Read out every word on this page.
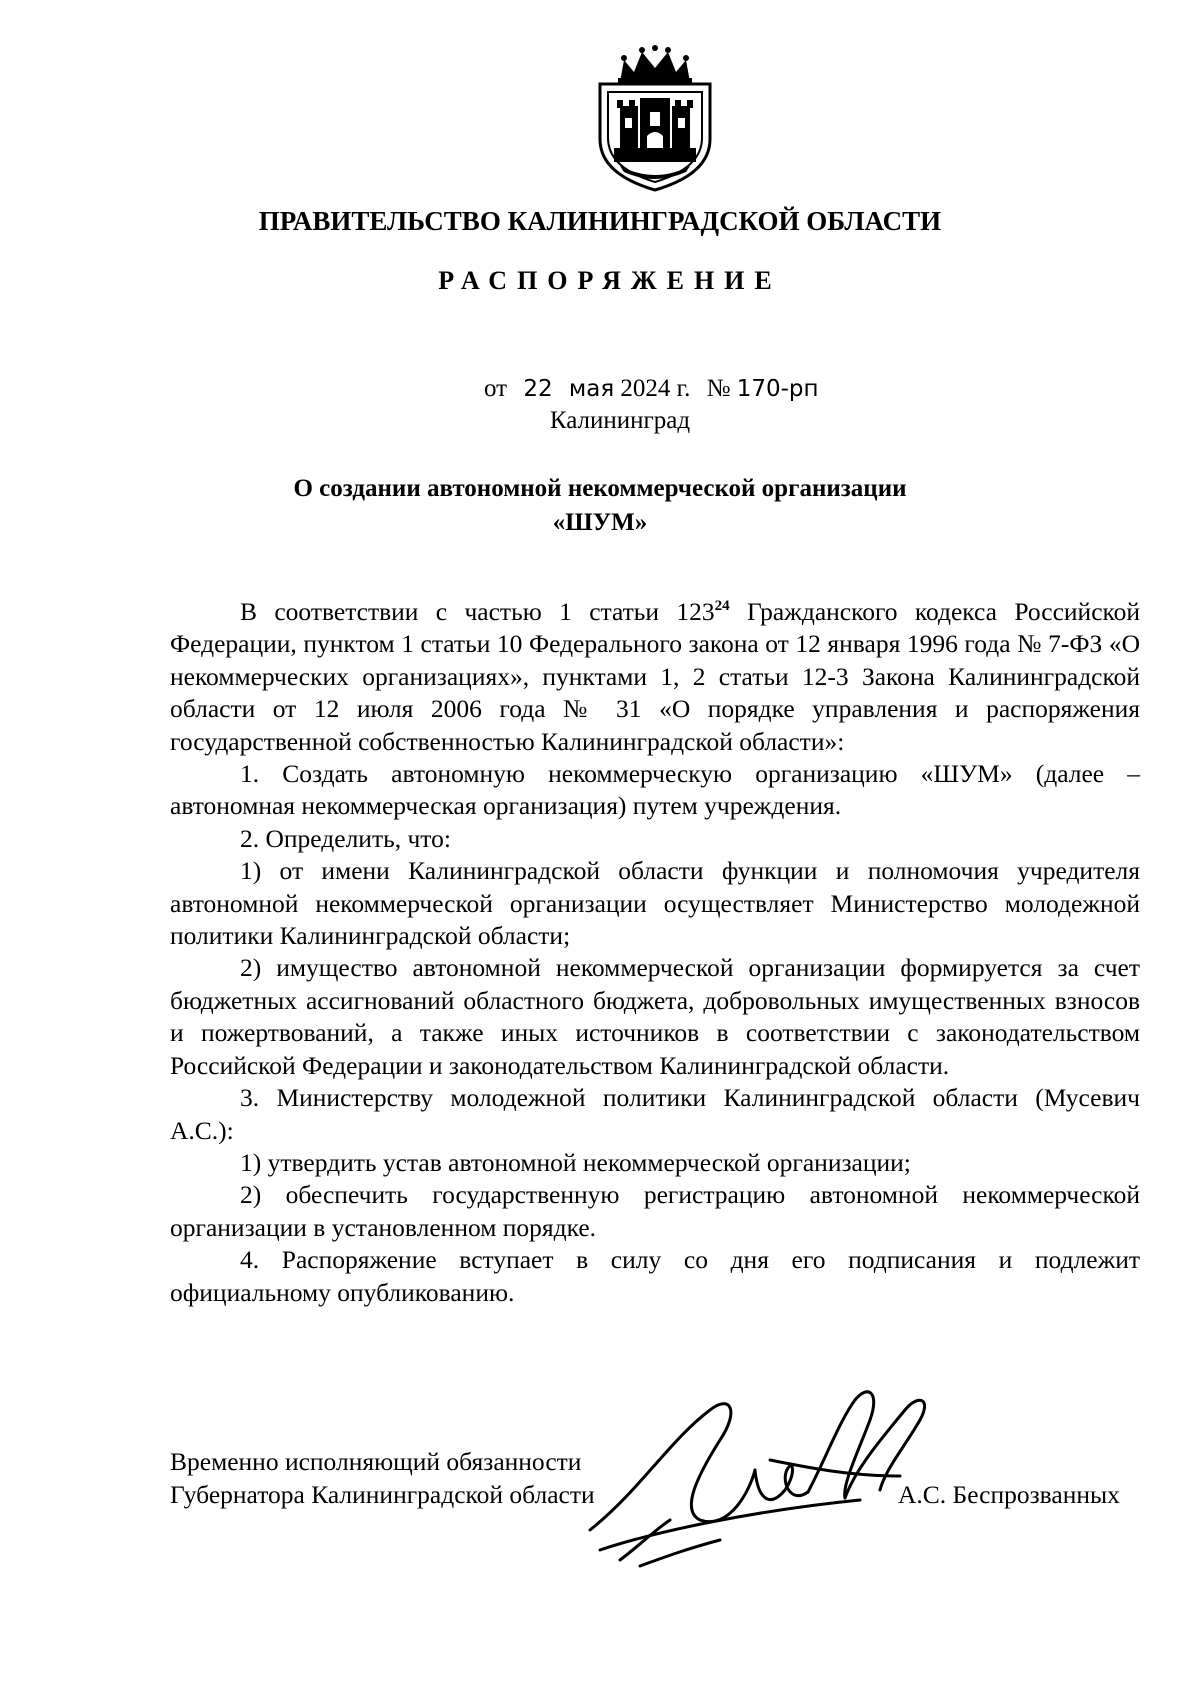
ПРАВИТЕЛЬСТВО КАЛИНИНГРАДСКОЙ ОБЛАСТИ
РАСПОРЯЖЕНИЕ
от 22 мая 2024 г. № 170-рп
Калининград
О создании автономной некоммерческой организации
«ШУМ»

В соответствии с частью 1 статьи $123^{24}$ Гражданского кодекса Российской Федерации, пунктом 1 статьи 10 Федерального закона от 12 января 1996 года № 7-ФЗ «О некоммерческих организациях», пунктами 1, 2 статьи 12-3 Закона Калининградской области от 12 июля 2006 года № 31 «О порядке управления и распоряжения государственной собственностью Калининградской области»:

1. Создать автономную некоммерческую организацию «ШУМ» (далее – автономная некоммерческая организация) путем учреждения.

2. Определить, что:

1) от имени Калининградской области функции и полномочия учредителя автономной некоммерческой организации осуществляет Министерство молодежной политики Калининградской области;

2) имущество автономной некоммерческой организации формируется за счет бюджетных ассигнований областного бюджета, добровольных имущественных взносов и пожертвований, а также иных источников в соответствии с законодательством Российской Федерации и законодательством Калининградской области.

3. Министерству молодежной политики Калининградской области (Мусевич А.С.):

1) утвердить устав автономной некоммерческой организации;

2) обеспечить государственную регистрацию автономной некоммерческой организации в установленном порядке.

4. Распоряжение вступает в силу со дня его подписания и подлежит официальному опубликованию.

Временно исполняющий обязанности
Губернатора Калининградской области	А.С. Беспрозванных
